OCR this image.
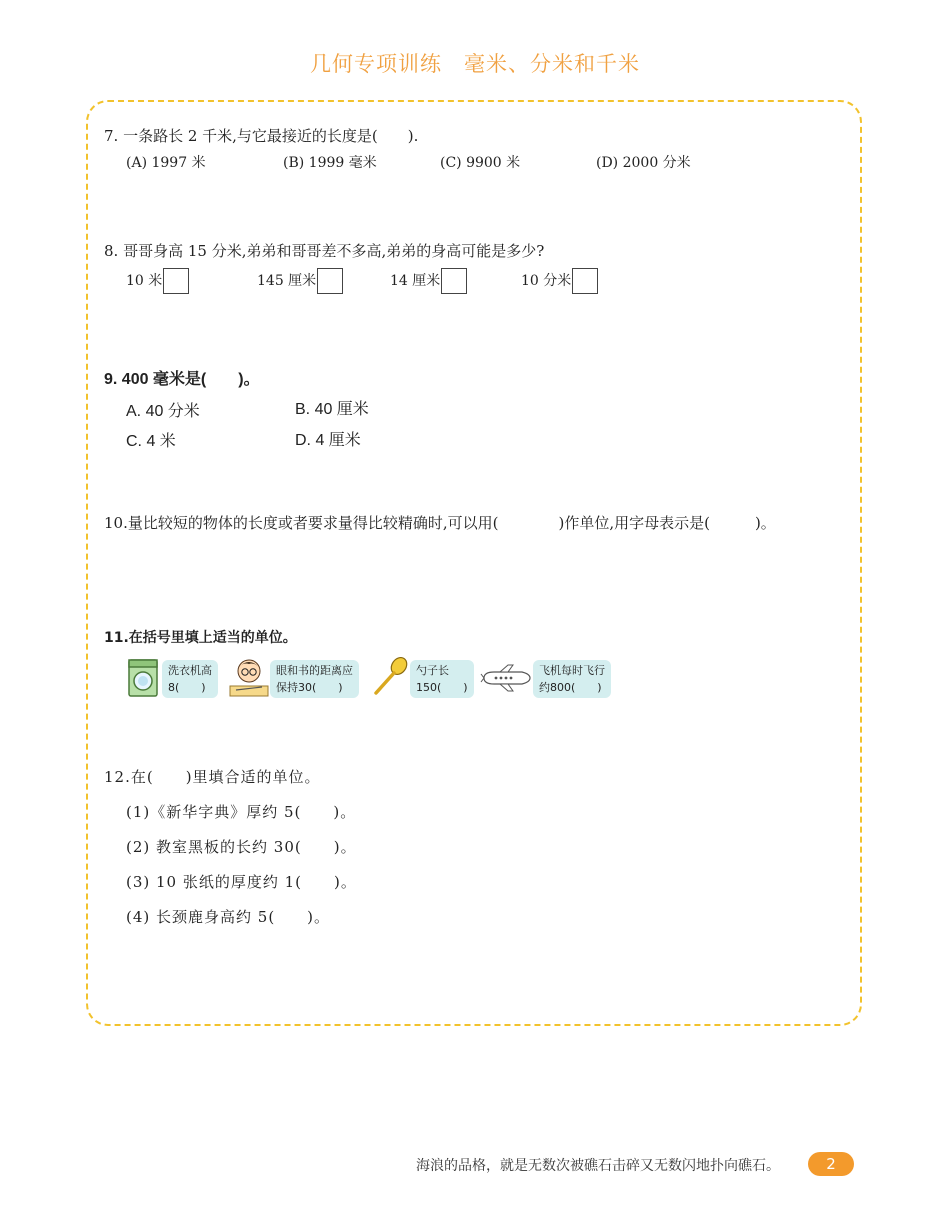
几何专项训练　毫米、分米和千米
7. 一条路长 2 千米,与它最接近的长度是(　　).
(A) 1997 米	(B) 1999 毫米	(C) 9900 米	(D) 2000 分米
8. 哥哥身高 15 分米,弟弟和哥哥差不多高,弟弟的身高可能是多少?
10 米	145 厘米	14 厘米	10 分米
9. 400 毫米是(　　)。
A. 40 分米	B. 40 厘米
C. 4 米	D. 4 厘米
10.量比较短的物体的长度或者要求量得比较精确时,可以用(　　　　)作单位,用字母表示是(　　　)。
11.在括号里填上适当的单位。
洗衣机高
8(　　)
眼和书的距离应
保持30(　　)
勺子长
150(　　)
飞机每时飞行
约800(　　)
12.在(　　)里填合适的单位。
(1)《新华字典》厚约 5(　　)。
(2) 教室黑板的长约 30(　　)。
(3) 10 张纸的厚度约 1(　　)。
(4) 长颈鹿身高约 5(　　)。
海浪的品格，就是无数次被礁石击碎又无数闪地扑向礁石。	2
